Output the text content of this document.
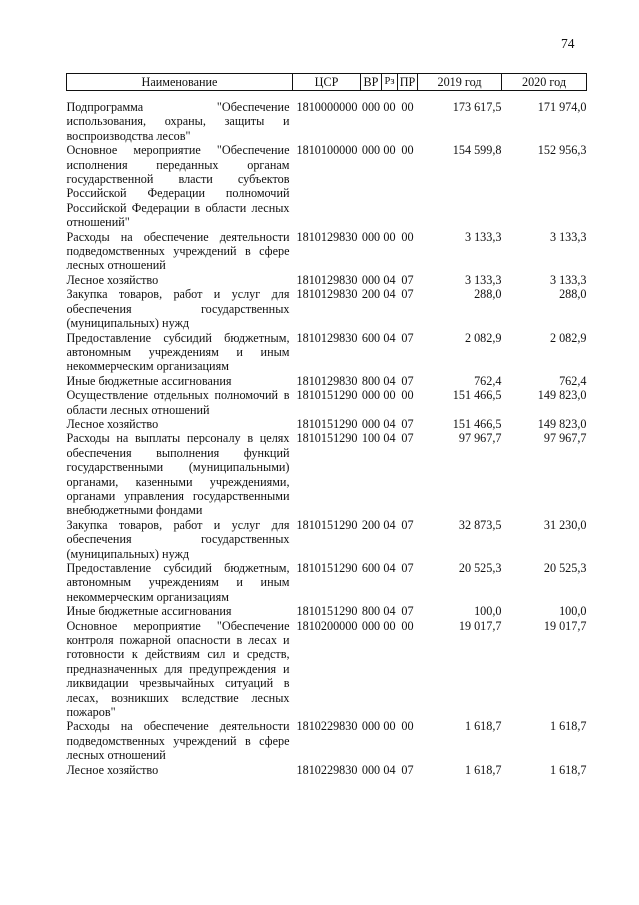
74
Наименование	ЦСР	ВР	Рз	ПР	2019 год	2020 год

Подпрограмма "Обеспечение использования, охраны, защиты и воспроизводства лесов"	1810000000	000	00	00	173 617,5	171 974,0
Основное мероприятие "Обеспечение исполнения переданных органам государственной власти субъектов Российской Федерации полномочий Российской Федерации в области лесных отношений"	1810100000	000	00	00	154 599,8	152 956,3
Расходы на обеспечение деятельности подведомственных учреждений в сфере лесных отношений	1810129830	000	00	00	3 133,3	3 133,3
Лесное хозяйство	1810129830	000	04	07	3 133,3	3 133,3
Закупка товаров, работ и услуг для обеспечения государственных (муниципальных) нужд	1810129830	200	04	07	288,0	288,0
Предоставление субсидий бюджетным, автономным учреждениям и иным некоммерческим организациям	1810129830	600	04	07	2 082,9	2 082,9
Иные бюджетные ассигнования	1810129830	800	04	07	762,4	762,4
Осуществление отдельных полномочий в области лесных отношений	1810151290	000	00	00	151 466,5	149 823,0
Лесное хозяйство	1810151290	000	04	07	151 466,5	149 823,0
Расходы на выплаты персоналу в целях обеспечения выполнения функций государственными (муниципальными) органами, казенными учреждениями, органами управления государственными внебюджетными фондами	1810151290	100	04	07	97 967,7	97 967,7
Закупка товаров, работ и услуг для обеспечения государственных (муниципальных) нужд	1810151290	200	04	07	32 873,5	31 230,0
Предоставление субсидий бюджетным, автономным учреждениям и иным некоммерческим организациям	1810151290	600	04	07	20 525,3	20 525,3
Иные бюджетные ассигнования	1810151290	800	04	07	100,0	100,0
Основное мероприятие "Обеспечение контроля пожарной опасности в лесах и готовности к действиям сил и средств, предназначенных для предупреждения и ликвидации чрезвычайных ситуаций в лесах, возникших вследствие лесных пожаров"	1810200000	000	00	00	19 017,7	19 017,7
Расходы на обеспечение деятельности подведомственных учреждений в сфере лесных отношений	1810229830	000	00	00	1 618,7	1 618,7
Лесное хозяйство	1810229830	000	04	07	1 618,7	1 618,7
